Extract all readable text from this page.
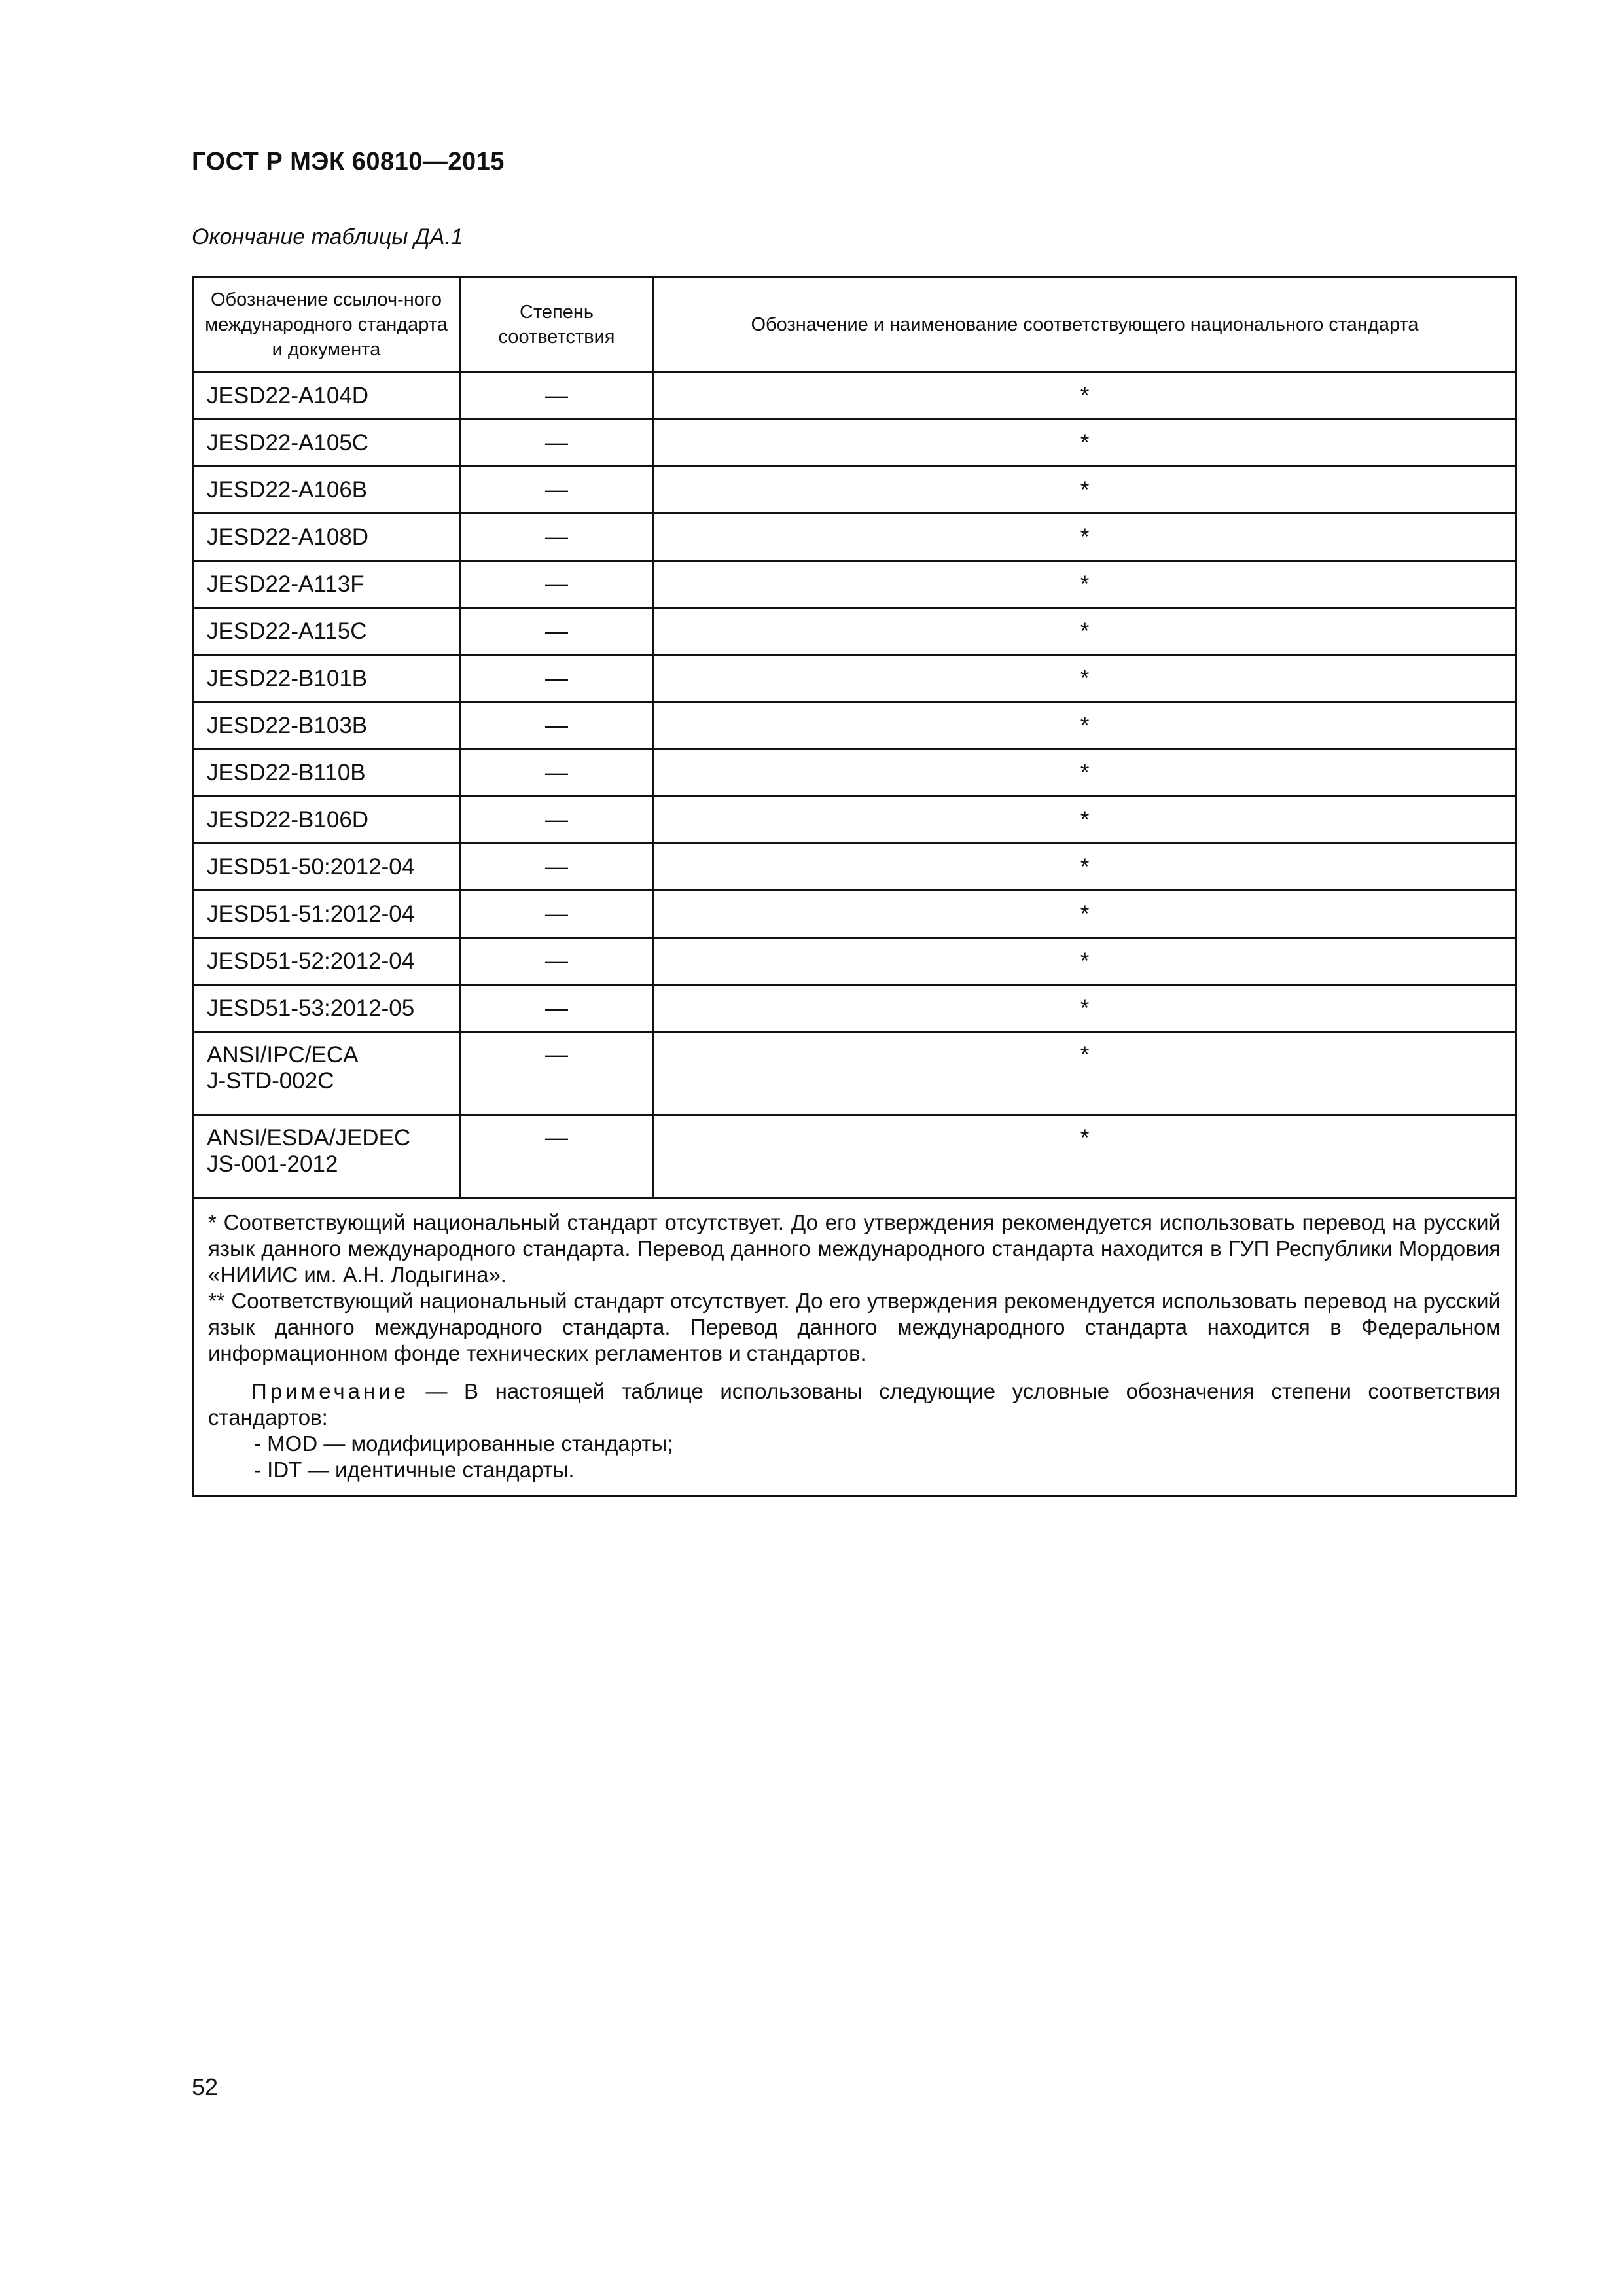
ГОСТ Р МЭК 60810—2015
Окончание таблицы ДА.1
Обозначение ссылоч-ного международного стандарта и документа	Степень соответствия	Обозначение и наименование соответствующего национального стандарта
JESD22-A104D	—	*
JESD22-A105C	—	*
JESD22-A106B	—	*
JESD22-A108D	—	*
JESD22-A113F	—	*
JESD22-A115C	—	*
JESD22-B101B	—	*
JESD22-B103B	—	*
JESD22-B110B	—	*
JESD22-B106D	—	*
JESD51-50:2012-04	—	*
JESD51-51:2012-04	—	*
JESD51-52:2012-04	—	*
JESD51-53:2012-05	—	*

ANSI/IPC/ECA
J-STD-002C	—	*

ANSI/ESDA/JEDEC
JS-001-2012	—	*

* Соответствующий национальный стандарт отсутствует. До его утверждения рекомендуется использовать перевод на русский язык данного международного стандарта. Перевод данного международного стандарта находится в ГУП Республики Мордовия «НИИИС им. А.Н. Лодыгина».

** Соответствующий национальный стандарт отсутствует. До его утверждения рекомендуется использовать перевод на русский язык данного международного стандарта. Перевод данного международного стандарта находится в Федеральном информационном фонде технических регламентов и стандартов.

Примечание — В настоящей таблице использованы следующие условные обозначения степени соответствия стандартов:

- MOD — модифицированные стандарты;

- IDT — идентичные стандарты.		

52
